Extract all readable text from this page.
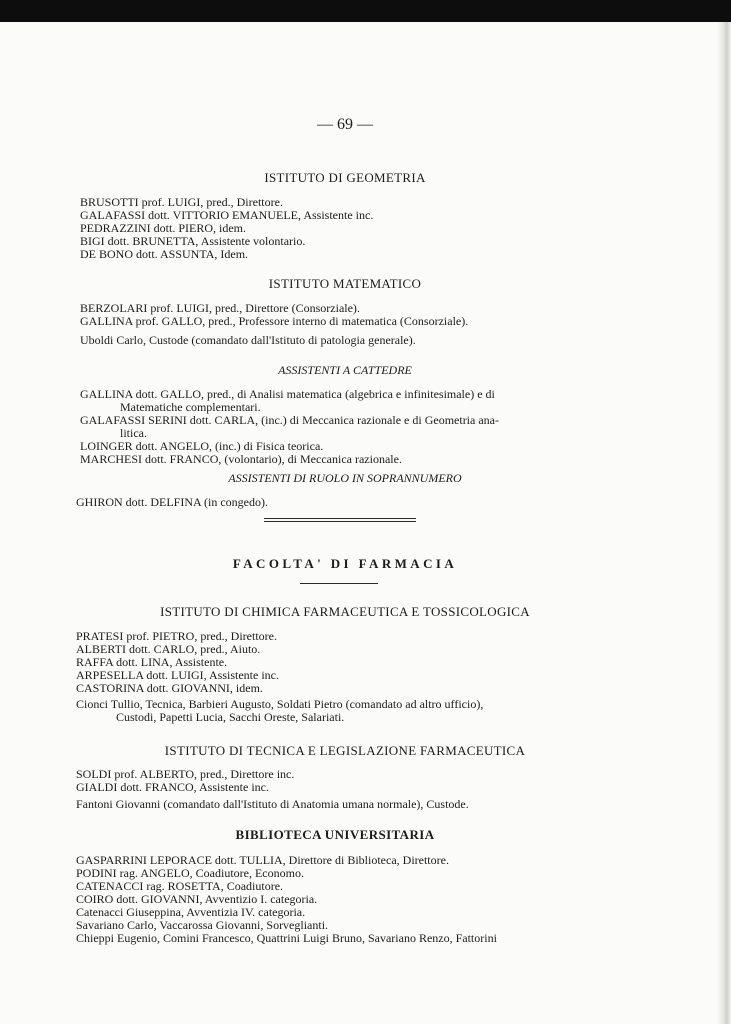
— 69 —
ISTITUTO DI GEOMETRIA
BRUSOTTI prof. LUIGI, pred., Direttore.
GALAFASSI dott. VITTORIO EMANUELE, Assistente inc.
PEDRAZZINI dott. PIERO, idem.
BIGI dott. BRUNETTA, Assistente volontario.
DE BONO dott. ASSUNTA, Idem.
ISTITUTO MATEMATICO
BERZOLARI prof. LUIGI, pred., Direttore (Consorziale).
GALLINA prof. GALLO, pred., Professore interno di matematica (Consorziale).
Uboldi Carlo, Custode (comandato dall'Istituto di patologia generale).
ASSISTENTI A CATTEDRE
GALLINA dott. GALLO, pred., di Analisi matematica (algebrica e infinitesimale) e di
Matematiche complementari.
GALAFASSI SERINI dott. CARLA, (inc.) di Meccanica razionale e di Geometria ana-
litica.
LOINGER dott. ANGELO, (inc.) di Fisica teorica.
MARCHESI dott. FRANCO, (volontario), di Meccanica razionale.
ASSISTENTI DI RUOLO IN SOPRANNUMERO
GHIRON dott. DELFINA (in congedo).
FACOLTA' DI FARMACIA
ISTITUTO DI CHIMICA FARMACEUTICA E TOSSICOLOGICA
PRATESI prof. PIETRO, pred., Direttore.
ALBERTI dott. CARLO, pred., Aiuto.
RAFFA dott. LINA, Assistente.
ARPESELLA dott. LUIGI, Assistente inc.
CASTORINA dott. GIOVANNI, idem.
Cionci Tullio, Tecnica, Barbieri Augusto, Soldati Pietro (comandato ad altro ufficio),
Custodi, Papetti Lucia, Sacchi Oreste, Salariati.
ISTITUTO DI TECNICA E LEGISLAZIONE FARMACEUTICA
SOLDI prof. ALBERTO, pred., Direttore inc.
GIALDI dott. FRANCO, Assistente inc.
Fantoni Giovanni (comandato dall'Istituto di Anatomia umana normale), Custode.
BIBLIOTECA UNIVERSITARIA
GASPARRINI LEPORACE dott. TULLIA, Direttore di Biblioteca, Direttore.
PODINI rag. ANGELO, Coadiutore, Economo.
CATENACCI rag. ROSETTA, Coadiutore.
COIRO dott. GIOVANNI, Avventizio I. categoria.
Catenacci Giuseppina, Avventizia IV. categoria.
Savariano Carlo, Vaccarossa Giovanni, Sorveglianti.
Chieppi Eugenio, Comini Francesco, Quattrini Luigi Bruno, Savariano Renzo, Fattorini
